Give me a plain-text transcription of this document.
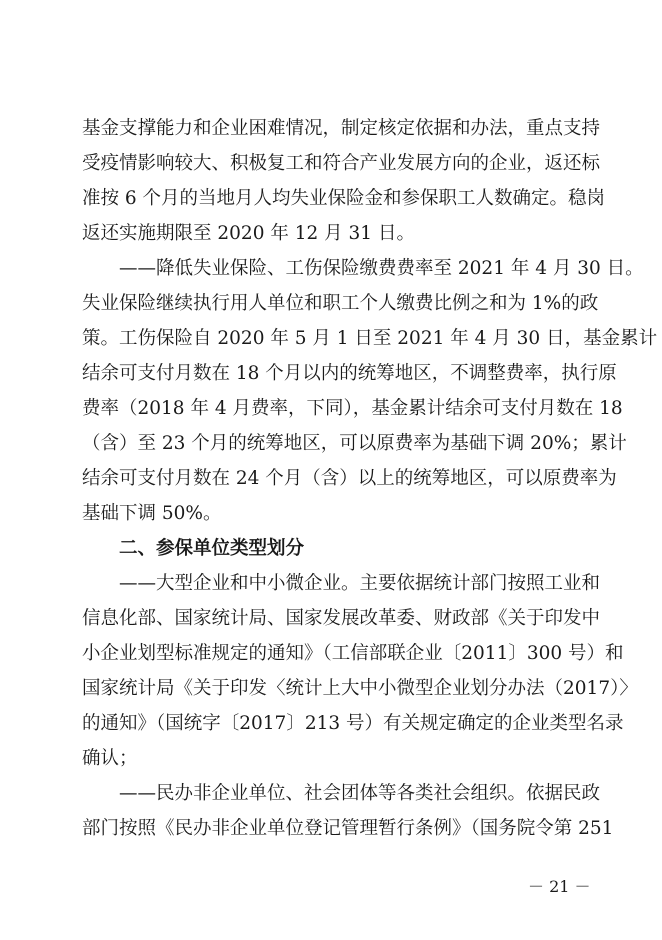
基金支撑能力和企业困难情况，制定核定依据和办法，重点支持
受疫情影响较大、积极复工和符合产业发展方向的企业，返还标
准按 6 个月的当地月人均失业保险金和参保职工人数确定。稳岗
返还实施期限至 2020 年 12 月 31 日。
——降低失业保险、工伤保险缴费费率至 2021 年 4 月 30 日。
失业保险继续执行用人单位和职工个人缴费比例之和为 1%的政
策。工伤保险自 2020 年 5 月 1 日至 2021 年 4 月 30 日，基金累计
结余可支付月数在 18 个月以内的统筹地区，不调整费率，执行原
费率（2018 年 4 月费率，下同），基金累计结余可支付月数在 18
（含）至 23 个月的统筹地区，可以原费率为基础下调 20%；累计
结余可支付月数在 24 个月（含）以上的统筹地区，可以原费率为
基础下调 50%。
二、参保单位类型划分
——大型企业和中小微企业。主要依据统计部门按照工业和
信息化部、国家统计局、国家发展改革委、财政部《关于印发中
小企业划型标准规定的通知》（工信部联企业〔2011〕300 号）和
国家统计局《关于印发〈统计上大中小微型企业划分办法（2017）〉
的通知》（国统字〔2017〕213 号）有关规定确定的企业类型名录
确认；
——民办非企业单位、社会团体等各类社会组织。依据民政
部门按照《民办非企业单位登记管理暂行条例》（国务院令第 251
－ 21 －
